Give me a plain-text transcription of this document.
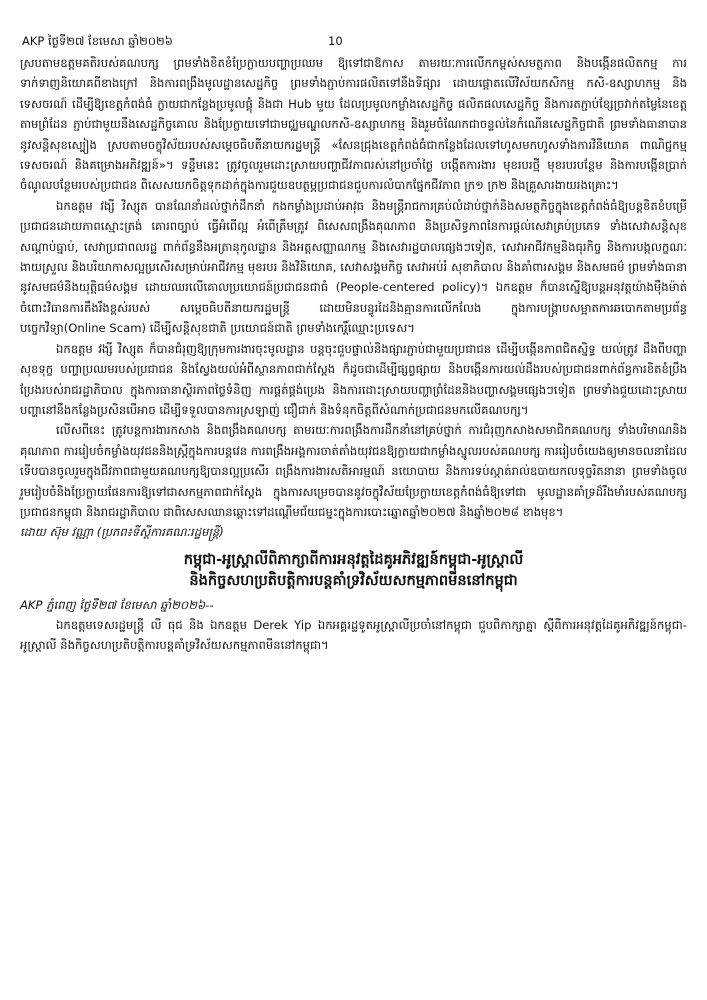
AKP ថ្ងៃទី២៧ ខែមេសា ឆ្នាំ២០២៦	10

ស្របតាមឧត្តមគតិរបស់គណបក្ស ព្រមទាំងខិតខំប្រែក្លាយបញ្ហាប្រឈម ឱ្យទៅជាឱកាស តាមរយៈការលើកកម្ពស់សមត្ថភាព និងបង្កើនផលិតកម្ម ការទាក់ទាញនិយោគពីខាងក្រៅ និងការពង្រឹងមូលដ្ឋានសេដ្ឋកិច្ច ព្រមទាំងភ្ជាប់ការផលិតទៅនឹងទីផ្សារ ដោយផ្តោតលើវិស័យកសិកម្ម កសិ-ឧស្សាហកម្ម និងទេសចរណ៍ ដើម្បីឱ្យខេត្តកំពង់ធំ ក្លាយជាកន្លែងប្រមូលផ្តុំ និងជា Hub មួយ ដែលប្រមូលកម្លាំងសេដ្ឋកិច្ច ផលិតផលសេដ្ឋកិច្ច និងការតភ្ជាប់ខ្សែច្រវាក់តម្លៃនៃខេត្តតាមព្រំដែន ភ្ជាប់ជាមួយនឹងសេដ្ឋកិច្ចគោល និងប្រែក្លាយទៅជាមជ្ឈមណ្ឌលកសិ-ឧស្សាហកម្ម និងរួមចំណែកជាចន្ទល់នៃកំណើនសេដ្ឋកិច្ចជាតិ ព្រមទាំងធានាបាននូវសន្តិសុខស្បៀង ស្របតាមចក្ខុវិស័យរបស់សម្តេចធិបតីនាយករដ្ឋមន្ត្រី «សែនជ្រុងខេត្តកំពង់ធំជាកន្លែងដែលទៅហូសមកហូសទាំងការវិនិយោគ ពាណិជ្ជកម្ម ទេសចរណ៍ និងគម្រោងអភិវឌ្ឍន៍»។ ទន្ទឹមនេះ ត្រូវចូលរួមដោះស្រាយបញ្ហាជីវភាពរស់នៅប្រចាំថ្ងៃ បង្កើតការងារ មុខរបរថ្មី មុខរបរបន្ថែម និងការបង្កើនប្រាក់ចំណូលបន្ថែមរបស់ប្រជាជន ពិសេសយកចិត្តទុកដាក់ក្នុងការជួយឧបត្ថម្ភប្រជាជនជួបការលំបាកផ្នែកជីវភាព ក្រ១ ក្រ២ និងគ្រួសារងាយរងគ្រោះ។

ឯកឧត្តម វង្សី វិស្សុត បានណែនាំដល់ថ្នាក់ដឹកនាំ កងកម្លាំងប្រដាប់អាវុធ និងមន្ត្រីរាជការគ្រប់លំដាប់ថ្នាក់និងសមត្ថកិច្ចក្នុងខេត្តកំពង់ធំឱ្យបន្តខិតខំបម្រើប្រជាជនដោយភាពស្មោះត្រង់ គោរពច្បាប់ ធ្វើអំពើល្អ អំពើត្រឹមត្រូវ ពិសេសពង្រឹងគុណភាព និងប្រសិទ្ធភាពនៃការផ្តល់សេវាគ្រប់ប្រភេទ ទាំងសេវាសន្តិសុខសណ្តាប់ធ្នាប់, សេវាប្រជាពលរដ្ឋ ពាក់ព័ន្ធនឹងអត្រានុកូលដ្ឋាន និងអត្តសញ្ញាណកម្ម និងសេវារដ្ឋបាលផ្សេងៗទៀត, សេវាអាជីវកម្មនិងធុរកិច្ច និងការបង្កលក្ខណៈងាយស្រួល និងបរិយាកាសល្អប្រសើរសម្រាប់អាជីវកម្ម មុខរបរ និងវិនិយោគ, សេវាសង្គមកិច្ច សេវាអប់រំ សុខាភិបាល និងគាំពារសង្គម និងសមធម៌ ព្រមទាំងធានានូវសមធម៌និងយុត្តិធម៌សង្គម ដោយឈរលើគោលប្រយោជន៍ប្រជាជនជាធំ (People-centered policy)។ ឯកឧត្តម ក៏បានស្នើឱ្យបន្តអនុវត្តយ៉ាងម៉ឺងម៉ាត់ចំពោះវិធានការតឹងរឹងខ្ពស់របស់ សម្តេចធិបតីនាយករដ្ឋមន្ត្រី ដោយមិនបន្ធូរដៃនិងគ្មានការលើកលែង ក្នុងការបង្ក្រាបសម្អាតការឆបោកតាមប្រព័ន្ធបច្ចេកវិទ្យា(Online Scam) ដើម្បីសន្តិសុខជាតិ ប្រយោជន៍ជាតិ ព្រមទាំងកេរ្តិ៍ឈ្មោះប្រទេស។

ឯកឧត្តម វង្សី វិស្សុត ក៏បានជំរុញឱ្យក្រុមការងារចុះមូលដ្ឋាន បន្តចុះជួបផ្ទាល់និងផ្សារភ្ជាប់ជាមួយប្រជាជន ដើម្បីបង្កើនភាពជិតស្និទ្ធ យល់ត្រូវ ដឹងពីបញ្ហាសុខទុក្ខ បញ្ហាប្រឈមរបស់ប្រជាជន និងស្វែងយល់អំពីស្ថានភាពជាក់ស្តែង ក៏ដូចជាដើម្បីផ្សព្វផ្សាយ និងបង្កើនការយល់ដឹងរបស់ប្រជាជនពាក់ព័ន្ធការខិតខំប្រឹងប្រែងរបស់រាជរដ្ឋាភិបាល ក្នុងការធានាស្ថិរភាពថ្លៃទំនិញ ការផ្គត់ផ្គង់ប្រេង និងការដោះស្រាយបញ្ហាព្រំដែននិងបញ្ហាសង្គមផ្សេងៗទៀត ព្រមទាំងជួយដោះស្រាយបញ្ហានៅនឹងកន្លែងប្រសិនបើអាច ដើម្បីទទួលបានការស្រឡាញ់ ជឿជាក់ និងទំនុកចិត្តពីសំណាក់ប្រជាជនមកលើគណបក្ស។

លើសពីនេះ ត្រូវបន្តការងារកសាង និងពង្រឹងគណបក្ស តាមរយៈការពង្រឹងការដឹកនាំនៅគ្រប់ថ្នាក់ ការជំរុញកសាងសមាជិកគណបក្ស ទាំងបរិមាណនិងគុណភាព ការរៀបចំកម្លាំងយុវជននិងស្ត្រីក្នុងការបន្តវេន ការពង្រឹងអង្គការចាត់តាំងយុវជនឱ្យក្លាយជាកម្លាំងស្នូលរបស់គណបក្ស ការរៀបចំយេងឲ្យមានចលនាដែលទើបបានចូលរួមក្នុងជីវភាពជាមួយគណបក្សឱ្យបានល្អប្រសើរ ពង្រឹងការងារសតិអារម្មណ៍ នយោបាយ និងការទប់ស្កាត់រាល់ឧបាយកលទុច្ចរិតនានា ព្រមទាំងចូលរួមរៀបចំនិងប្រែក្លាយផែនការឱ្យទៅជាសកម្មភាពជាក់ស្តែង ក្នុងការសម្រេចបាននូវចក្ខុវិស័យប្រែក្លាយខេត្តកំពង់ធំឱ្យទៅជា មូលដ្ឋានគាំទ្រដ៏រឹងមាំរបស់គណបក្សប្រជាជនកម្ពុជា និងរាជរដ្ឋាភិបាល ជាពិសេសឈានឆ្ពោះទៅដណ្តើមជ័យជម្នះក្នុងការបោះឆ្នោតឆ្នាំ២០២៧ និងឆ្នាំ២០២៨ ខាងមុខ។

ដោយ ស៊ុម វណ្ណា (ប្រភព៖ទីស្តីការគណៈរដ្ឋមន្ត្រី)

កម្ពុជា-អូស្ត្រាលីពិភាក្សាពីការអនុវត្តដៃគូអភិវឌ្ឍន៍កម្ពុជា-អូស្ត្រាលី
និងកិច្ចសហប្រតិបត្តិការបន្តគាំទ្រវិស័យសកម្មភាពមីននៅកម្ពុជា
AKP ភ្នំពេញ ថ្ងៃទី២៧ ខែមេសា ឆ្នាំ២០២៦--

ឯកឧត្តមទេសរដ្ឋមន្ត្រី លី ធុជ និង ឯកឧត្តម Derek Yip ឯកអគ្គរដ្ឋទូតអូស្ត្រាលីប្រចាំនៅកម្ពុជា ជួបពិភាក្សាគ្នា ស្តីពីការអនុវត្តដៃគូអភិវឌ្ឍន៍កម្ពុជា-អូស្ត្រាលី និងកិច្ចសហប្រតិបត្តិការបន្តគាំទ្រវិស័យសកម្មភាពមីននៅកម្ពុជា។
